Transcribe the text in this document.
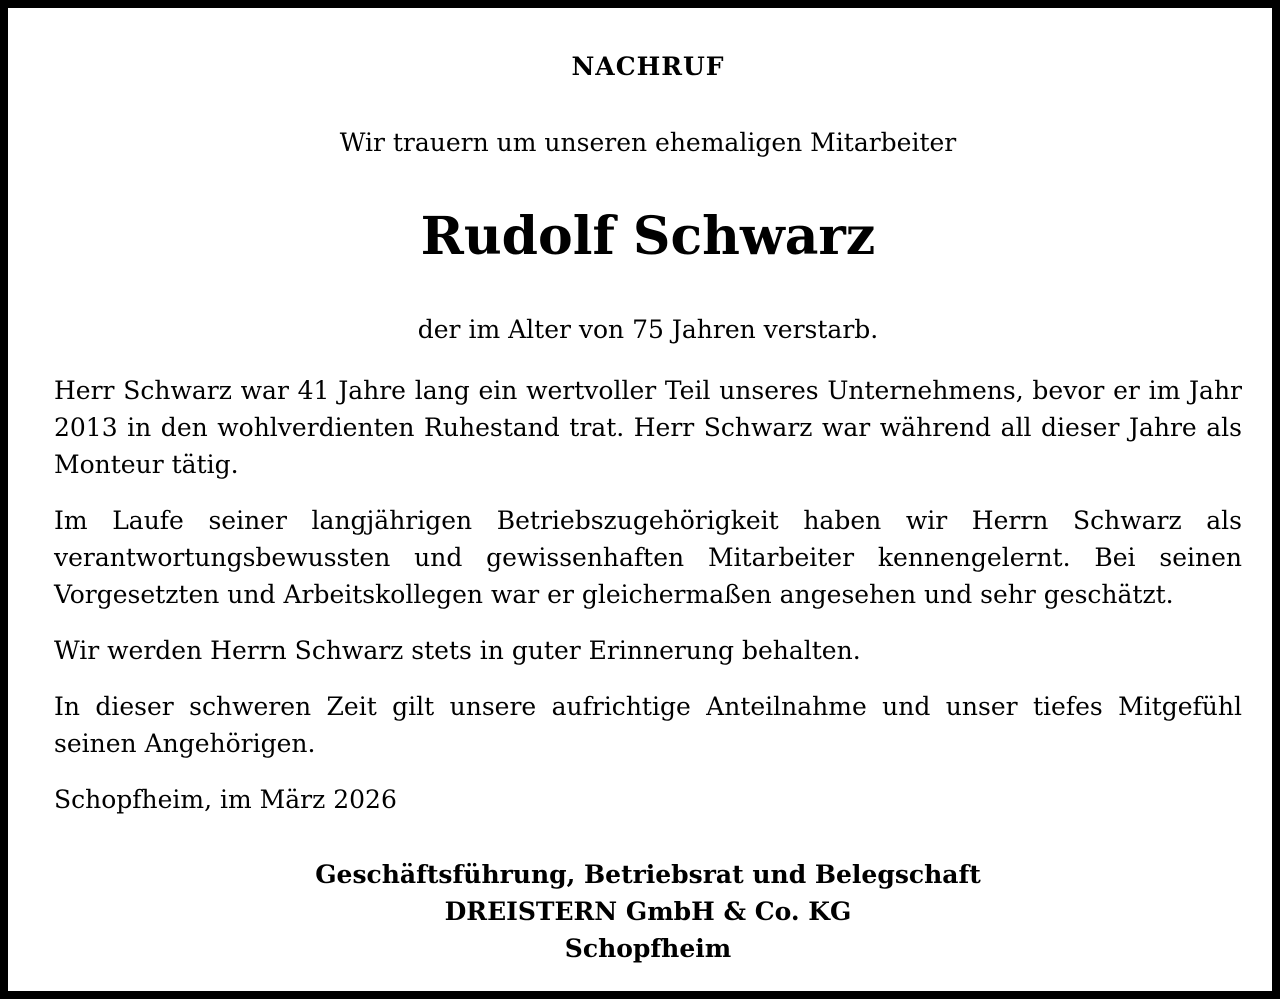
NACHRUF
Wir trauern um unseren ehemaligen Mitarbeiter
Rudolf Schwarz
der im Alter von 75 Jahren verstarb.

Herr Schwarz war 41 Jahre lang ein wertvoller Teil unseres Unternehmens, bevor er im Jahr 2013 in den wohlverdienten Ruhestand trat. Herr Schwarz war während all dieser Jahre als Monteur tätig.

Im Laufe seiner langjährigen Betriebszugehörigkeit haben wir Herrn Schwarz als verantwortungsbewussten und gewissenhaften Mitarbeiter kennengelernt. Bei seinen Vorgesetzten und Arbeitskollegen war er gleichermaßen angesehen und sehr geschätzt.

Wir werden Herrn Schwarz stets in guter Erinnerung behalten.

In dieser schweren Zeit gilt unsere aufrichtige Anteilnahme und unser tiefes Mitgefühl seinen Angehörigen.

Schopfheim, im März 2026
Geschäftsführung, Betriebsrat und Belegschaft
DREISTERN GmbH & Co. KG
Schopfheim
